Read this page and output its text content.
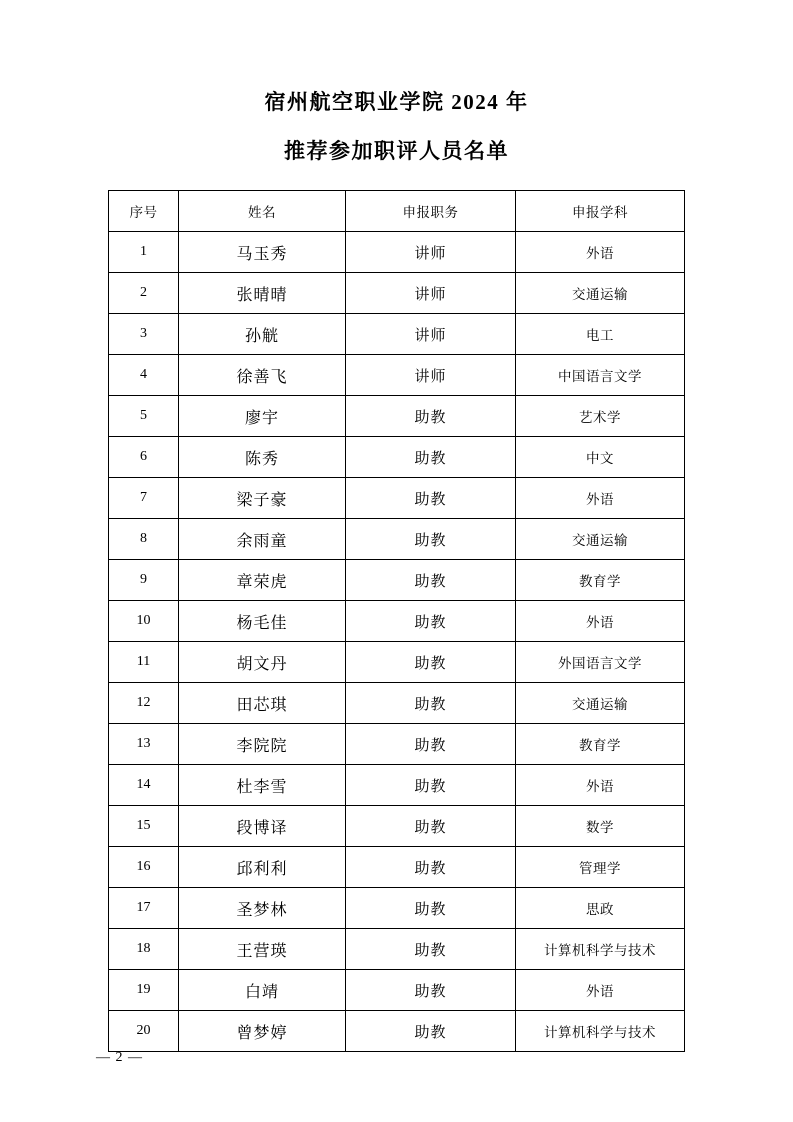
宿州航空职业学院 2024 年
推荐参加职评人员名单
序号	姓名	申报职务	申报学科
1	马玉秀	讲师	外语
2	张晴晴	讲师	交通运输
3	孙觥	讲师	电工
4	徐善飞	讲师	中国语言文学
5	廖宇	助教	艺术学
6	陈秀	助教	中文
7	梁子豪	助教	外语
8	余雨童	助教	交通运输
9	章荣虎	助教	教育学
10	杨毛佳	助教	外语
11	胡文丹	助教	外国语言文学
12	田芯琪	助教	交通运输
13	李院院	助教	教育学
14	杜李雪	助教	外语
15	段博译	助教	数学
16	邱利利	助教	管理学
17	圣梦林	助教	思政
18	王营瑛	助教	计算机科学与技术
19	白靖	助教	外语
20	曾梦婷	助教	计算机科学与技术
— 2 —
